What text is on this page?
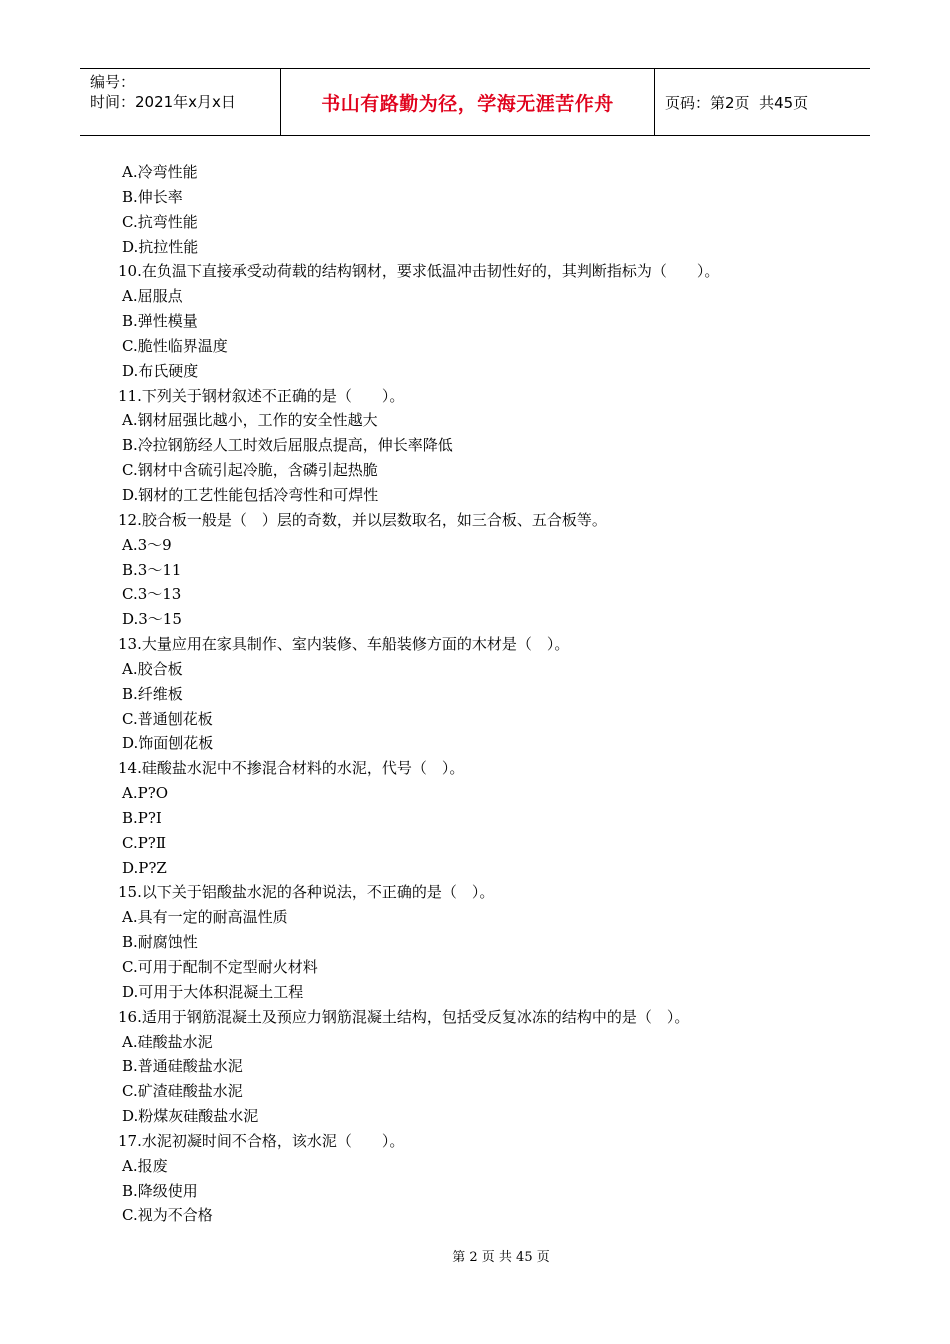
编号：
时间：2021年x月x日	书山有路勤为径，学海无涯苦作舟	页码：第2页  共45页
A.冷弯性能
B.伸长率
C.抗弯性能
D.抗拉性能
10.在负温下直接承受动荷载的结构钢材，要求低温冲击韧性好的，其判断指标为（　　）。
A.屈服点
B.弹性模量
C.脆性临界温度
D.布氏硬度
11.下列关于钢材叙述不正确的是（　　）。
A.钢材屈强比越小，工作的安全性越大
B.冷拉钢筋经人工时效后屈服点提高，伸长率降低
C.钢材中含硫引起冷脆，含磷引起热脆
D.钢材的工艺性能包括冷弯性和可焊性
12.胶合板一般是（　）层的奇数，并以层数取名，如三合板、五合板等。
A.3～9
B.3～11
C.3～13
D.3～15
13.大量应用在家具制作、室内装修、车船装修方面的木材是（　）。
A.胶合板
B.纤维板
C.普通刨花板
D.饰面刨花板
14.硅酸盐水泥中不掺混合材料的水泥，代号（　）。
A.P?O
B.P?I
C.P?Ⅱ
D.P?Z
15.以下关于铝酸盐水泥的各种说法，不正确的是（　）。
A.具有一定的耐高温性质
B.耐腐蚀性
C.可用于配制不定型耐火材料
D.可用于大体积混凝土工程
16.适用于钢筋混凝土及预应力钢筋混凝土结构，包括受反复冰冻的结构中的是（　）。
A.硅酸盐水泥
B.普通硅酸盐水泥
C.矿渣硅酸盐水泥
D.粉煤灰硅酸盐水泥
17.水泥初凝时间不合格，该水泥（　　）。
A.报废
B.降级使用
C.视为不合格
第 2 页 共 45 页
